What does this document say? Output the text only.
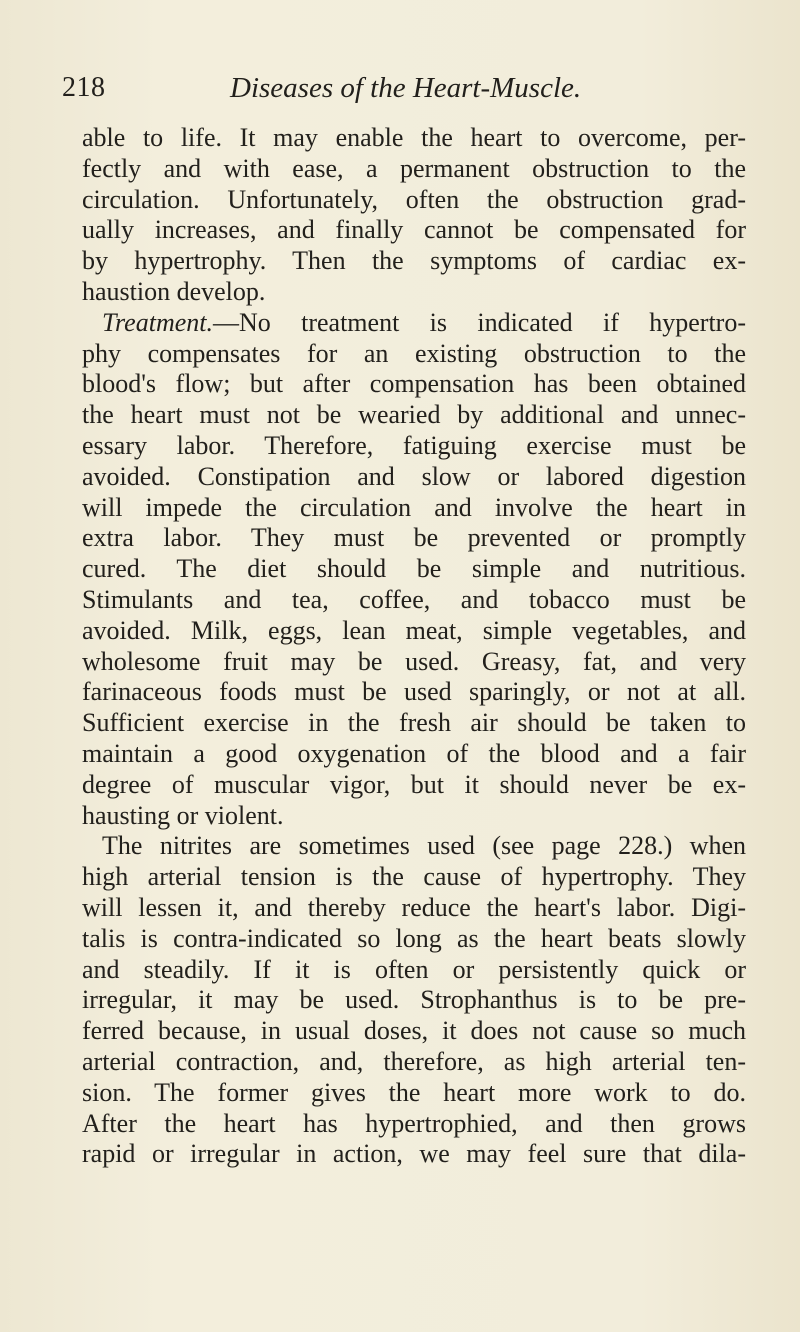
218	Diseases of the Heart-Muscle.
able to life. It may enable the heart to overcome, per-
fectly and with ease, a permanent obstruction to the
circulation. Unfortunately, often the obstruction grad-
ually increases, and finally cannot be compensated for
by hypertrophy. Then the symptoms of cardiac ex-
haustion develop.
Treatment.—No treatment is indicated if hypertro-
phy compensates for an existing obstruction to the
blood's flow; but after compensation has been obtained
the heart must not be wearied by additional and unnec-
essary labor. Therefore, fatiguing exercise must be
avoided. Constipation and slow or labored digestion
will impede the circulation and involve the heart in
extra labor. They must be prevented or promptly
cured. The diet should be simple and nutritious.
Stimulants and tea, coffee, and tobacco must be
avoided. Milk, eggs, lean meat, simple vegetables, and
wholesome fruit may be used. Greasy, fat, and very
farinaceous foods must be used sparingly, or not at all.
Sufficient exercise in the fresh air should be taken to
maintain a good oxygenation of the blood and a fair
degree of muscular vigor, but it should never be ex-
hausting or violent.
The nitrites are sometimes used (see page 228.) when
high arterial tension is the cause of hypertrophy. They
will lessen it, and thereby reduce the heart's labor. Digi-
talis is contra-indicated so long as the heart beats slowly
and steadily. If it is often or persistently quick or
irregular, it may be used. Strophanthus is to be pre-
ferred because, in usual doses, it does not cause so much
arterial contraction, and, therefore, as high arterial ten-
sion. The former gives the heart more work to do.
After the heart has hypertrophied, and then grows
rapid or irregular in action, we may feel sure that dila-
